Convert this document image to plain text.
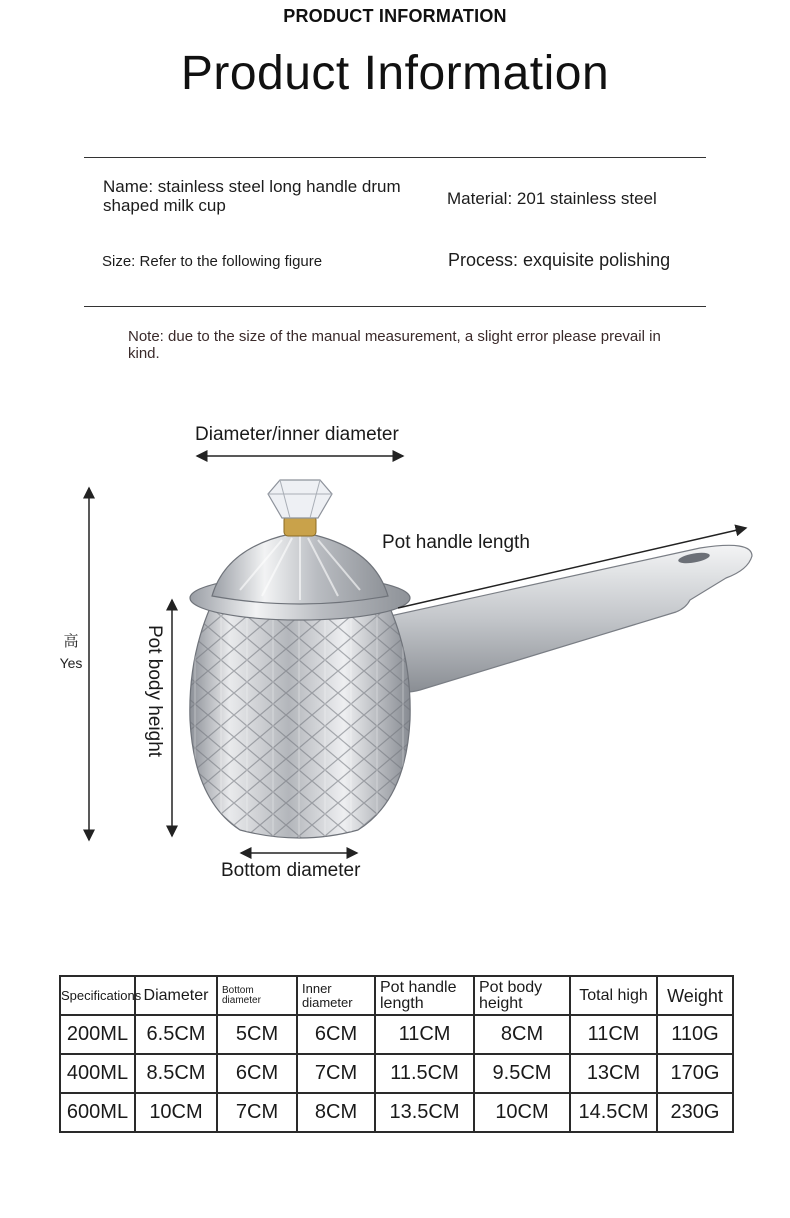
PRODUCT INFORMATION
Product Information
Name: stainless steel long handle drum shaped milk cup	Material: 201 stainless steel
Size: Refer to the following figure	Process: exquisite polishing
Note: due to the size of the manual measurement, a slight error please prevail in kind.
Diameter/inner diameter
Pot handle length
Pot body height
Bottom diameter
高
Yes
Specifications	Diameter	Bottom diameter	Inner diameter	Pot handle length	Pot body height	Total high	Weight
200ML	6.5CM	5CM	6CM	11CM	8CM	11CM	110G
400ML	8.5CM	6CM	7CM	11.5CM	9.5CM	13CM	170G
600ML	10CM	7CM	8CM	13.5CM	10CM	14.5CM	230G
